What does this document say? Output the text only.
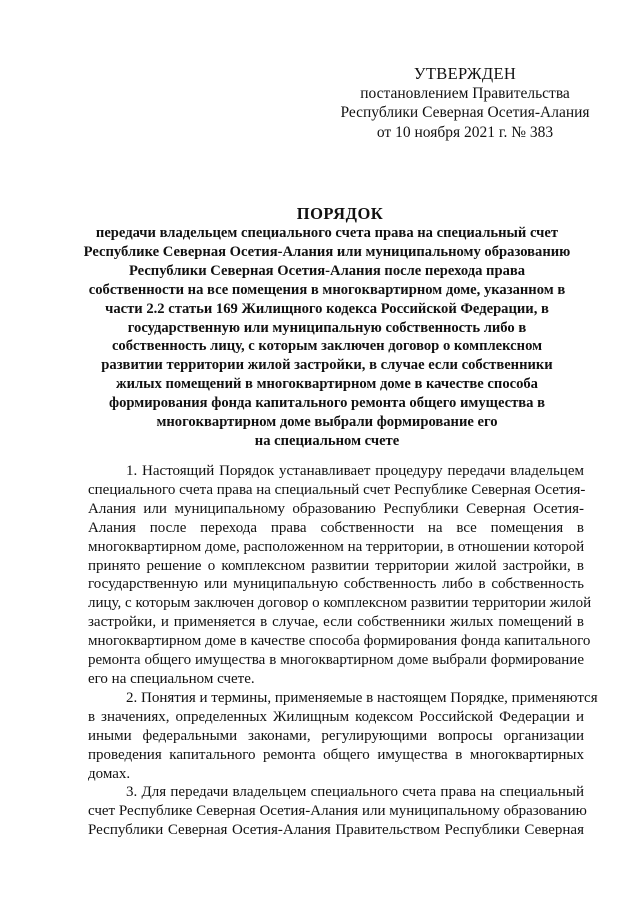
УТВЕРЖДЕН
постановлением Правительства
Республики Северная Осетия-Алания
от 10 ноября 2021 г. № 383
ПОРЯДОК
передачи владельцем специального счета права на специальный счет
Республике Северная Осетия-Алания или муниципальному образованию
Республики Северная Осетия-Алания после перехода права
собственности на все помещения в многоквартирном доме, указанном в
части 2.2 статьи 169 Жилищного кодекса Российской Федерации, в
государственную или муниципальную собственность либо в
собственность лицу, с которым заключен договор о комплексном
развитии территории жилой застройки, в случае если собственники
жилых помещений в многоквартирном доме в качестве способа
формирования фонда капитального ремонта общего имущества в
многоквартирном доме выбрали формирование его
на специальном счете
1. Настоящий Порядок устанавливает процедуру передачи владельцем
специального счета права на специальный счет Республике Северная Осетия-
Алания или муниципальному образованию Республики Северная Осетия-
Алания после перехода права собственности на все помещения в
многоквартирном доме, расположенном на территории, в отношении которой
принято решение о комплексном развитии территории жилой застройки, в
государственную или муниципальную собственность либо в собственность
лицу, с которым заключен договор о комплексном развитии территории жилой
застройки, и применяется в случае, если собственники жилых помещений в
многоквартирном доме в качестве способа формирования фонда капитального
ремонта общего имущества в многоквартирном доме выбрали формирование
его на специальном счете.
2. Понятия и термины, применяемые в настоящем Порядке, применяются
в значениях, определенных Жилищным кодексом Российской Федерации и
иными федеральными законами, регулирующими вопросы организации
проведения капитального ремонта общего имущества в многоквартирных
домах.
3. Для передачи владельцем специального счета права на специальный
счет Республике Северная Осетия-Алания или муниципальному образованию
Республики Северная Осетия-Алания Правительством Республики Северная
